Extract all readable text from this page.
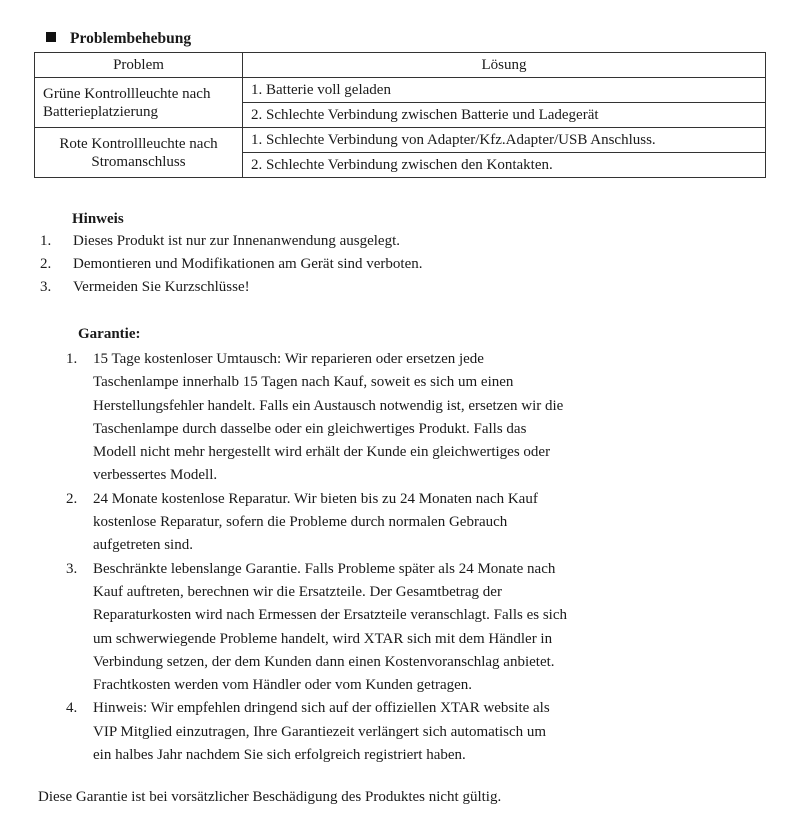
Problembehebung
Problem	Lösung
Grüne Kontrollleuchte nach Batterieplatzierung	1. Batterie voll geladen
	2. Schlechte Verbindung zwischen Batterie und Ladegerät
Rote Kontrollleuchte nach Stromanschluss	1. Schlechte Verbindung von Adapter/Kfz.Adapter/USB Anschluss.
	2. Schlechte Verbindung zwischen den Kontakten.
Hinweis
1.	Dieses Produkt ist nur zur Innenanwendung ausgelegt.
2.	Demontieren und Modifikationen am Gerät sind verboten.
3.	Vermeiden Sie Kurzschlüsse!
Garantie:
1.	15 Tage kostenloser Umtausch: Wir reparieren oder ersetzen jede
Taschenlampe innerhalb 15 Tagen nach Kauf, soweit es sich um einen
Herstellungsfehler handelt. Falls ein Austausch notwendig ist, ersetzen wir die
Taschenlampe durch dasselbe oder ein gleichwertiges Produkt. Falls das
Modell nicht mehr hergestellt wird erhält der Kunde ein gleichwertiges oder
verbessertes Modell.
2.	24 Monate kostenlose Reparatur. Wir bieten bis zu 24 Monaten nach Kauf
kostenlose Reparatur, sofern die Probleme durch normalen Gebrauch
aufgetreten sind.
3.	Beschränkte lebenslange Garantie. Falls Probleme später als 24 Monate nach
Kauf auftreten, berechnen wir die Ersatzteile. Der Gesamtbetrag der
Reparaturkosten wird nach Ermessen der Ersatzteile veranschlagt. Falls es sich
um schwerwiegende Probleme handelt, wird XTAR sich mit dem Händler in
Verbindung setzen, der dem Kunden dann einen Kostenvoranschlag anbietet.
Frachtkosten werden vom Händler oder vom Kunden getragen.
4.	Hinweis: Wir empfehlen dringend sich auf der offiziellen XTAR website als
VIP Mitglied einzutragen, Ihre Garantiezeit verlängert sich automatisch um
ein halbes Jahr nachdem Sie sich erfolgreich registriert haben.
Diese Garantie ist bei vorsätzlicher Beschädigung des Produktes nicht gültig.
